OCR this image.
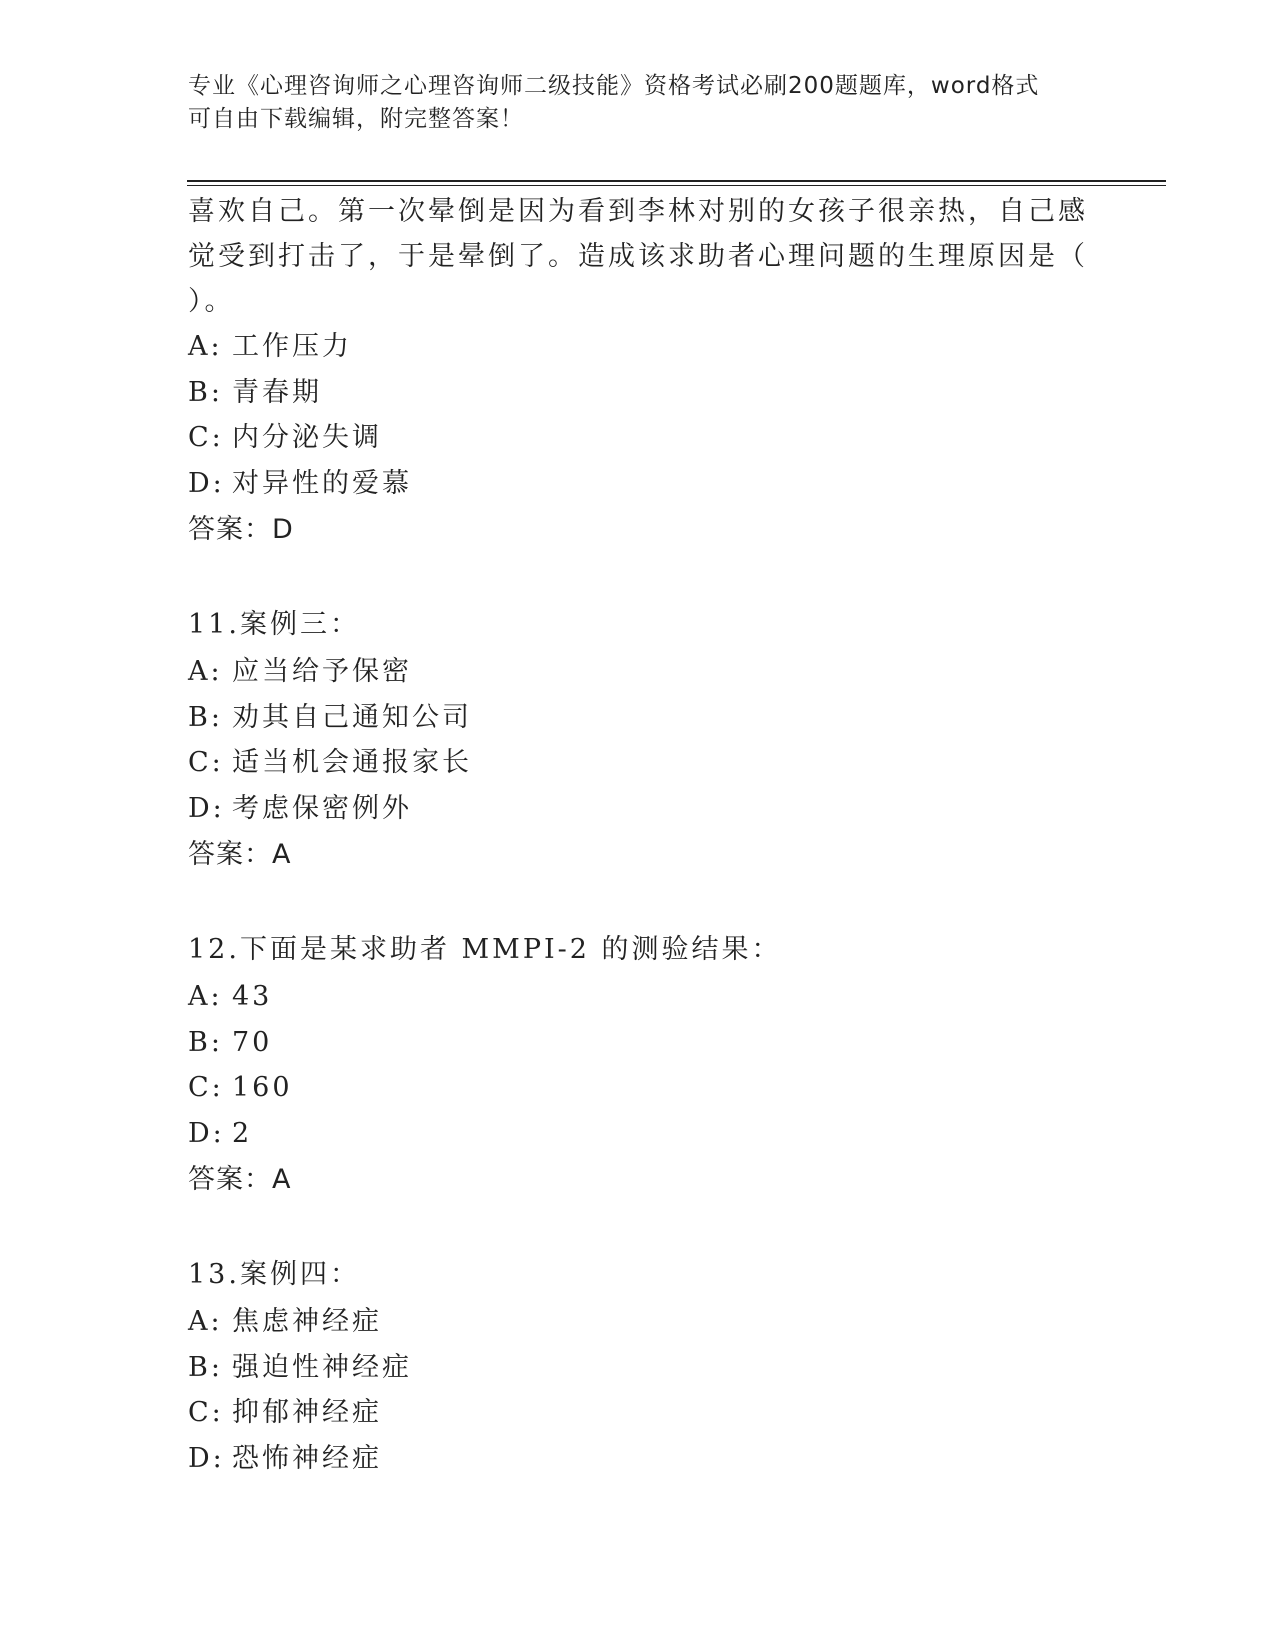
专业《心理咨询师之心理咨询师二级技能》资格考试必刷200题题库，word格式
可自由下载编辑，附完整答案！

喜欢自己。第一次晕倒是因为看到李林对别的女孩子很亲热，自己感

觉受到打击了，于是晕倒了。造成该求助者心理问题的生理原因是（

）。

A: 工作压力

B: 青春期

C: 内分泌失调

D: 对异性的爱慕

答案：D

11.案例三：

A: 应当给予保密

B: 劝其自己通知公司

C: 适当机会通报家长

D: 考虑保密例外

答案：A

12.下面是某求助者 MMPI-2 的测验结果：

A: 43

B: 70

C: 160

D: 2

答案：A

13.案例四：

A: 焦虑神经症

B: 强迫性神经症

C: 抑郁神经症

D: 恐怖神经症
